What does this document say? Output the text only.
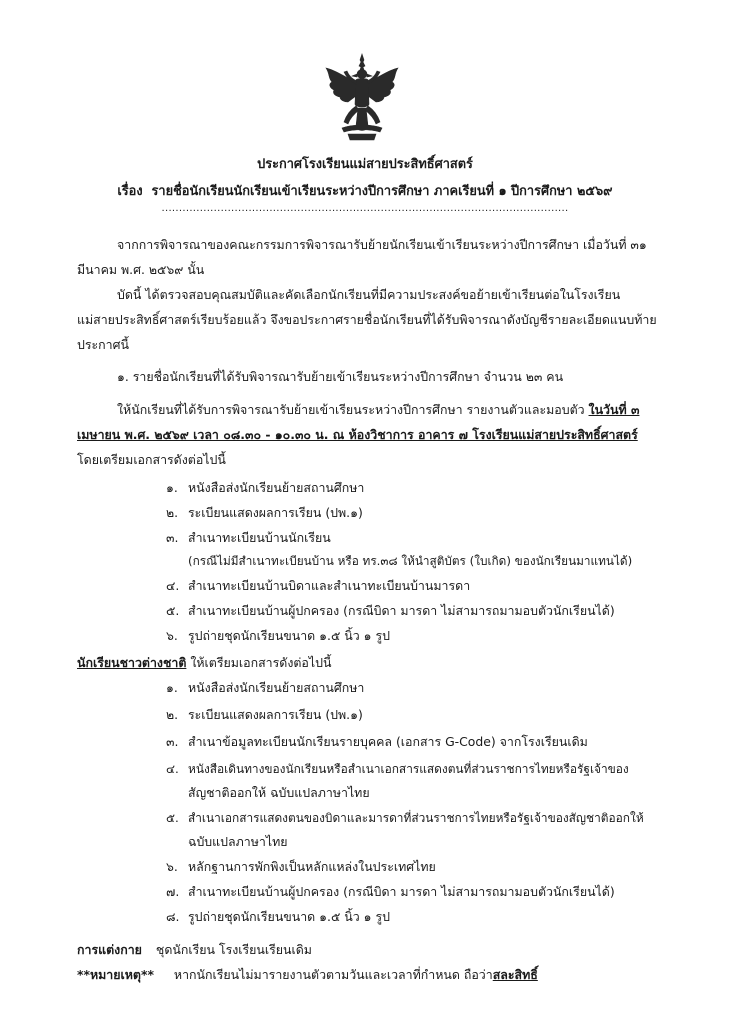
ประกาศโรงเรียนแม่สายประสิทธิ์ศาสตร์
เรื่อง รายชื่อนักเรียนนักเรียนเข้าเรียนระหว่างปีการศึกษา ภาคเรียนที่ ๑ ปีการศึกษา ๒๕๖๙
.....................................................................................................................
จากการพิจารณาของคณะกรรมการพิจารณารับย้ายนักเรียนเข้าเรียนระหว่างปีการศึกษา เมื่อวันที่ ๓๑
มีนาคม พ.ศ. ๒๕๖๙ นั้น
บัดนี้ ได้ตรวจสอบคุณสมบัติและคัดเลือกนักเรียนที่มีความประสงค์ขอย้ายเข้าเรียนต่อในโรงเรียน
แม่สายประสิทธิ์ศาสตร์เรียบร้อยแล้ว จึงขอประกาศรายชื่อนักเรียนที่ได้รับพิจารณาดังบัญชีรายละเอียดแนบท้าย
ประกาศนี้
๑. รายชื่อนักเรียนที่ได้รับพิจารณารับย้ายเข้าเรียนระหว่างปีการศึกษา จำนวน ๒๓ คน
ให้นักเรียนที่ได้รับการพิจารณารับย้ายเข้าเรียนระหว่างปีการศึกษา รายงานตัวและมอบตัว ในวันที่ ๓
เมษายน พ.ศ. ๒๕๖๙ เวลา ๐๘.๓๐ - ๑๐.๓๐ น. ณ ห้องวิชาการ อาคาร ๗ โรงเรียนแม่สายประสิทธิ์ศาสตร์
โดยเตรียมเอกสารดังต่อไปนี้
๑. หนังสือส่งนักเรียนย้ายสถานศึกษา
๒. ระเบียนแสดงผลการเรียน (ปพ.๑)
๓. สำเนาทะเบียนบ้านนักเรียน
(กรณีไม่มีสำเนาทะเบียนบ้าน หรือ ทร.๓๘ ให้นำสูติบัตร (ใบเกิด) ของนักเรียนมาแทนได้)
๔. สำเนาทะเบียนบ้านบิดาและสำเนาทะเบียนบ้านมารดา
๕. สำเนาทะเบียนบ้านผู้ปกครอง (กรณีบิดา มารดา ไม่สามารถมามอบตัวนักเรียนได้)
๖. รูปถ่ายชุดนักเรียนขนาด ๑.๕ นิ้ว ๑ รูป
นักเรียนชาวต่างชาติ ให้เตรียมเอกสารดังต่อไปนี้
๑. หนังสือส่งนักเรียนย้ายสถานศึกษา
๒. ระเบียนแสดงผลการเรียน (ปพ.๑)
๓. สำเนาข้อมูลทะเบียนนักเรียนรายบุคคล (เอกสาร G-Code) จากโรงเรียนเดิม
๔. หนังสือเดินทางของนักเรียนหรือสำเนาเอกสารแสดงตนที่ส่วนราชการไทยหรือรัฐเจ้าของ
สัญชาติออกให้ ฉบับแปลภาษาไทย
๕. สำเนาเอกสารแสดงตนของบิดาและมารดาที่ส่วนราชการไทยหรือรัฐเจ้าของสัญชาติออกให้
ฉบับแปลภาษาไทย
๖. หลักฐานการพักพิงเป็นหลักแหล่งในประเทศไทย
๗. สำเนาทะเบียนบ้านผู้ปกครอง (กรณีบิดา มารดา ไม่สามารถมามอบตัวนักเรียนได้)
๘. รูปถ่ายชุดนักเรียนขนาด ๑.๕ นิ้ว ๑ รูป
การแต่งกาย ชุดนักเรียน โรงเรียนเรียนเดิม
**หมายเหตุ** หากนักเรียนไม่มารายงานตัวตามวันและเวลาที่กำหนด ถือว่าสละสิทธิ์
